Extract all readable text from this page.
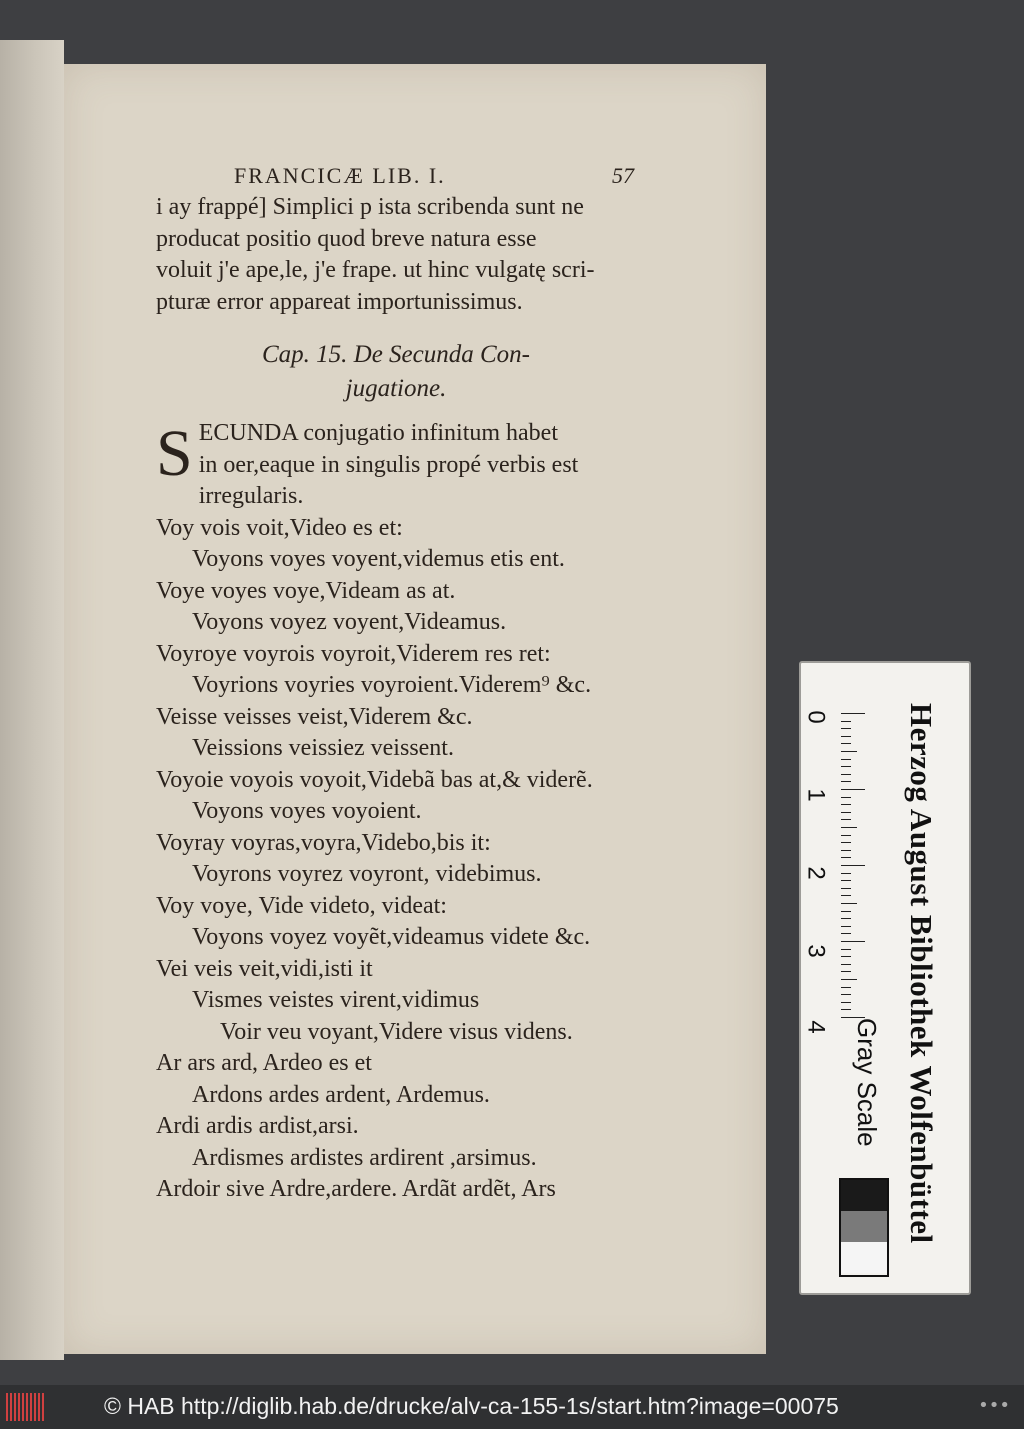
FRANCICÆ LIB. I.	57
i ay frappé] Simplici p ista scribenda sunt ne
producat positio quod breve natura esse
voluit j'e ape,le, j'e frape. ut hinc vulgatę scri-
pturæ error appareat importunissimus.
Cap. 15. De Secunda Con-
jugatione.
S ECUNDA conjugatio infinitum habet
in oer,eaque in singulis propé verbis est
irregularis.
Voy vois voit,Video es et:
Voyons voyes voyent,videmus etis ent.
Voye voyes voye,Videam as at.
Voyons voyez voyent,Videamus.
Voyroye voyrois voyroit,Viderem res ret:
Voyrions voyries voyroient.Viderem⁹ &c.
Veisse veisses veist,Viderem &c.
Veissions veissiez veissent.
Voyoie voyois voyoit,Videbã bas at,& viderẽ.
Voyons voyes voyoient.
Voyray voyras,voyra,Videbo,bis it:
Voyrons voyrez voyront, videbimus.
Voy voye, Vide videto, videat:
Voyons voyez voyẽt,videamus videte &c.
Vei veis veit,vidi,isti it
Vismes veistes virent,vidimus
Voir veu voyant,Videre visus videns.
Ar ars ard, Ardeo es et
Ardons ardes ardent, Ardemus.
Ardi ardis ardist,arsi.
Ardismes ardistes ardirent ,arsimus.
Ardoir sive Ardre,ardere. Ardãt ardẽt, Ars
0
1
2
3
4 Herzog August Bibliothek Wolfenbüttel
Gray Scale
© HAB http://diglib.hab.de/drucke/alv-ca-155-1s/start.htm?image=00075	•••
